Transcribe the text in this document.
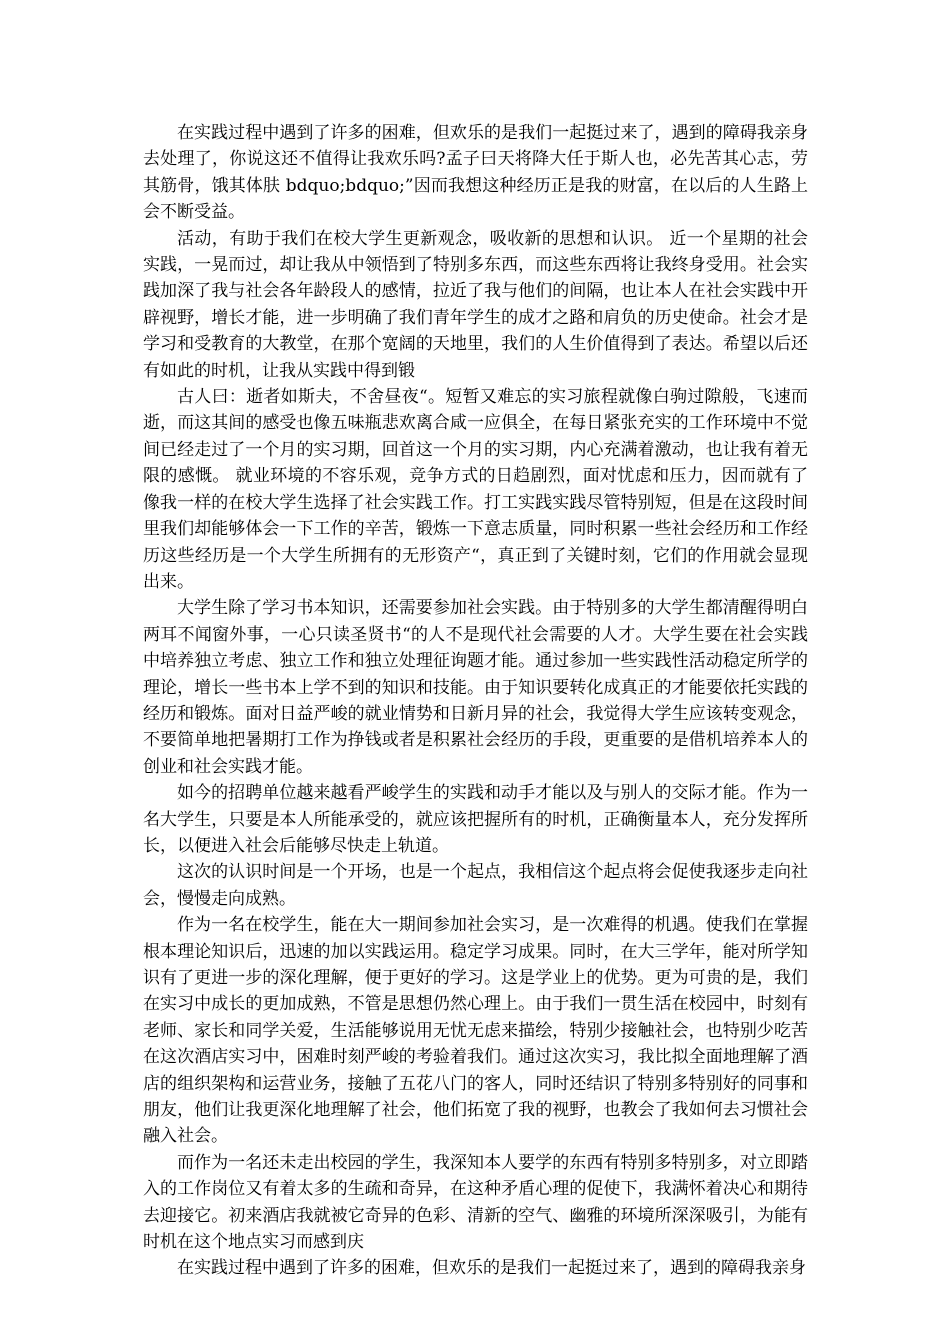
在实践过程中遇到了许多的困难，但欢乐的是我们一起挺过来了，遇到的障碍我亲身去处理了，你说这还不值得让我欢乐吗?孟子曰天将降大任于斯人也，必先苦其心志，劳其筋骨，饿其体肤 bdquo;bdquo;”因而我想这种经历正是我的财富，在以后的人生路上会不断受益。

活动，有助于我们在校大学生更新观念，吸收新的思想和认识。 近一个星期的社会实践，一晃而过，却让我从中领悟到了特别多东西，而这些东西将让我终身受用。社会实践加深了我与社会各年龄段人的感情，拉近了我与他们的间隔，也让本人在社会实践中开辟视野，增长才能，进一步明确了我们青年学生的成才之路和肩负的历史使命。社会才是学习和受教育的大教堂，在那个宽阔的天地里，我们的人生价值得到了表达。希望以后还有如此的时机，让我从实践中得到锻

古人曰：逝者如斯夫，不舍昼夜“。短暂又难忘的实习旅程就像白驹过隙般，飞速而逝，而这其间的感受也像五味瓶悲欢离合咸一应俱全，在每日紧张充实的工作环境中不觉间已经走过了一个月的实习期，回首这一个月的实习期，内心充满着激动，也让我有着无限的感慨。 就业环境的不容乐观，竞争方式的日趋剧烈，面对忧虑和压力，因而就有了像我一样的在校大学生选择了社会实践工作。打工实践实践尽管特别短，但是在这段时间里我们却能够体会一下工作的辛苦，锻炼一下意志质量，同时积累一些社会经历和工作经历这些经历是一个大学生所拥有的无形资产“，真正到了关键时刻，它们的作用就会显现出来。

大学生除了学习书本知识，还需要参加社会实践。由于特别多的大学生都清醒得明白两耳不闻窗外事，一心只读圣贤书“的人不是现代社会需要的人才。大学生要在社会实践中培养独立考虑、独立工作和独立处理征询题才能。通过参加一些实践性活动稳定所学的理论，增长一些书本上学不到的知识和技能。由于知识要转化成真正的才能要依托实践的经历和锻炼。面对日益严峻的就业情势和日新月异的社会，我觉得大学生应该转变观念，不要简单地把暑期打工作为挣钱或者是积累社会经历的手段，更重要的是借机培养本人的创业和社会实践才能。

如今的招聘单位越来越看严峻学生的实践和动手才能以及与别人的交际才能。作为一名大学生，只要是本人所能承受的，就应该把握所有的时机，正确衡量本人，充分发挥所长，以便进入社会后能够尽快走上轨道。

这次的认识时间是一个开场，也是一个起点，我相信这个起点将会促使我逐步走向社会，慢慢走向成熟。

作为一名在校学生，能在大一期间参加社会实习，是一次难得的机遇。使我们在掌握根本理论知识后，迅速的加以实践运用。稳定学习成果。同时，在大三学年，能对所学知识有了更进一步的深化理解，便于更好的学习。这是学业上的优势。更为可贵的是，我们在实习中成长的更加成熟，不管是思想仍然心理上。由于我们一贯生活在校园中，时刻有老师、家长和同学关爱，生活能够说用无忧无虑来描绘，特别少接触社会，也特别少吃苦在这次酒店实习中，困难时刻严峻的考验着我们。通过这次实习，我比拟全面地理解了酒店的组织架构和运营业务，接触了五花八门的客人，同时还结识了特别多特别好的同事和朋友，他们让我更深化地理解了社会，他们拓宽了我的视野，也教会了我如何去习惯社会融入社会。

而作为一名还未走出校园的学生，我深知本人要学的东西有特别多特别多，对立即踏入的工作岗位又有着太多的生疏和奇异，在这种矛盾心理的促使下，我满怀着决心和期待去迎接它。初来酒店我就被它奇异的色彩、清新的空气、幽雅的环境所深深吸引，为能有时机在这个地点实习而感到庆

在实践过程中遇到了许多的困难，但欢乐的是我们一起挺过来了，遇到的障碍我亲身
